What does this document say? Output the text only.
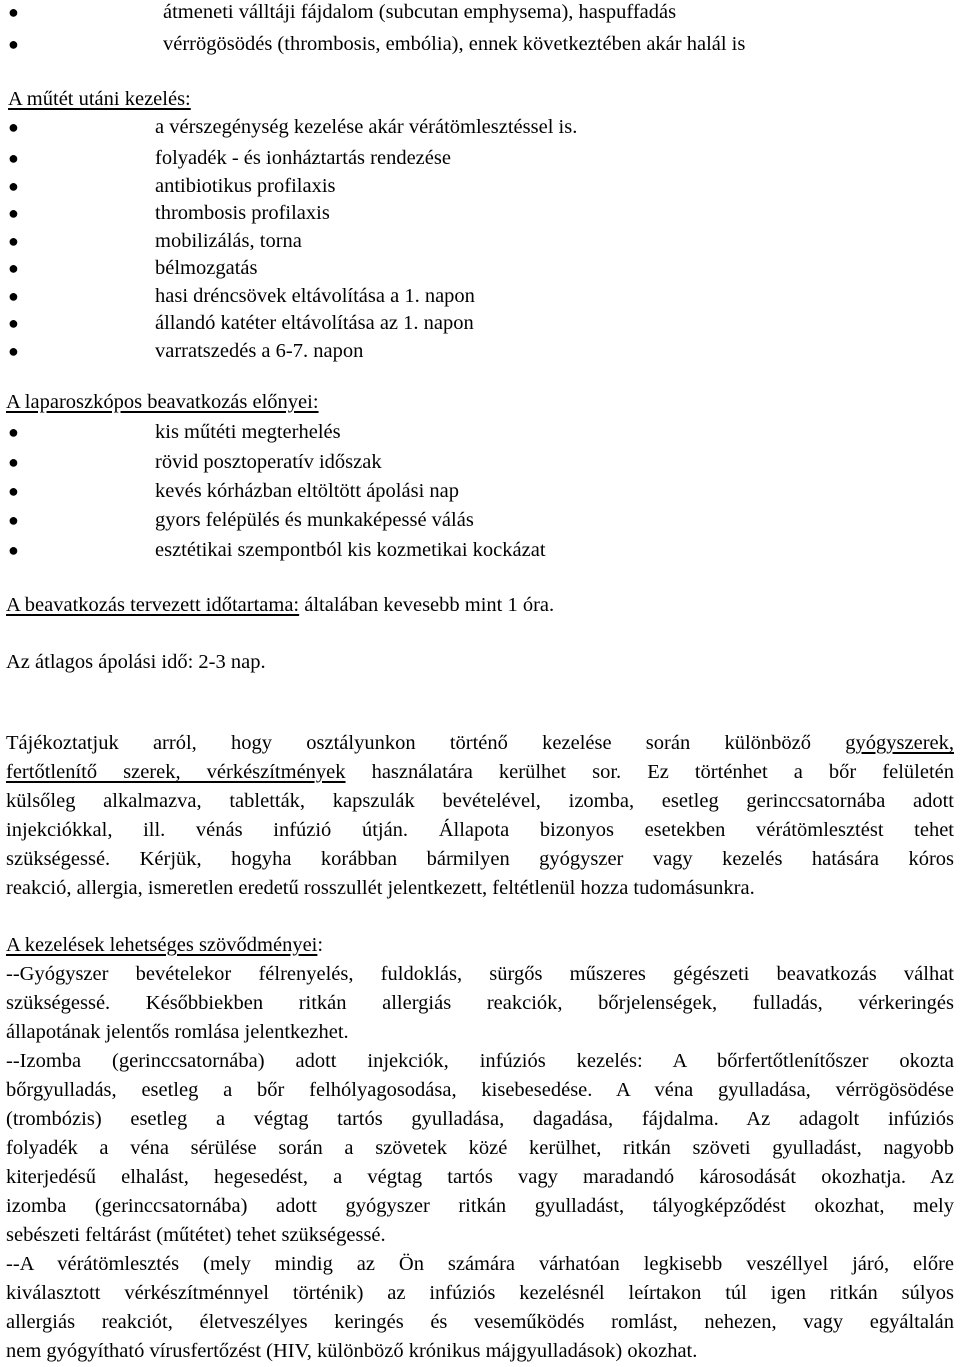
●	átmeneti válltáji fájdalom (subcutan emphysema), haspuffadás
●	vérrögösödés (thrombosis, embólia), ennek következtében akár halál is
A műtét utáni kezelés:
●	a vérszegénység kezelése akár vérátömlesztéssel is.
●	folyadék - és ionháztartás rendezése
●	antibiotikus profilaxis
●	thrombosis profilaxis
●	mobilizálás, torna
●	bélmozgatás
●	hasi dréncsövek eltávolítása a 1. napon
●	állandó katéter eltávolítása az 1. napon
●	varratszedés a 6-7. napon
A laparoszkópos beavatkozás előnyei:
●	kis műtéti megterhelés
●	rövid posztoperatív időszak
●	kevés kórházban eltöltött ápolási nap
●	gyors felépülés és munkaképessé válás
●	esztétikai szempontból kis kozmetikai kockázat
A beavatkozás tervezett időtartama: általában kevesebb mint 1 óra.
Az átlagos ápolási idő: 2-3 nap.
Tájékoztatjuk arról, hogy osztályunkon történő kezelése során különböző gyógyszerek,
fertőtlenítő szerek, vérkészítmények használatára kerülhet sor. Ez történhet a bőr felületén
külsőleg alkalmazva, tabletták, kapszulák bevételével, izomba, esetleg gerinccsatornába adott
injekciókkal, ill. vénás infúzió útján. Állapota bizonyos esetekben vérátömlesztést tehet
szükségessé. Kérjük, hogyha korábban bármilyen gyógyszer vagy kezelés hatására kóros
reakció, allergia, ismeretlen eredetű rosszullét jelentkezett, feltétlenül hozza tudomásunkra.
A kezelések lehetséges szövődményei:
--Gyógyszer bevételekor félrenyelés, fuldoklás, sürgős műszeres gégészeti beavatkozás válhat
szükségessé. Későbbiekben ritkán allergiás reakciók, bőrjelenségek, fulladás, vérkeringés
állapotának jelentős romlása jelentkezhet.
--Izomba (gerinccsatornába) adott injekciók, infúziós kezelés: A bőrfertőtlenítőszer okozta
bőrgyulladás, esetleg a bőr felhólyagosodása, kisebesedése. A véna gyulladása, vérrögösödése
(trombózis) esetleg a végtag tartós gyulladása, dagadása, fájdalma. Az adagolt infúziós
folyadék a véna sérülése során a szövetek közé kerülhet, ritkán szöveti gyulladást, nagyobb
kiterjedésű elhalást, hegesedést, a végtag tartós vagy maradandó károsodását okozhatja. Az
izomba (gerinccsatornába) adott gyógyszer ritkán gyulladást, tályogképződést okozhat, mely
sebészeti feltárást (műtétet) tehet szükségessé.
--A vérátömlesztés (mely mindig az Ön számára várhatóan legkisebb veszéllyel járó, előre
kiválasztott vérkészítménnyel történik) az infúziós kezelésnél leírtakon túl igen ritkán súlyos
allergiás reakciót, életveszélyes keringés és veseműködés romlást, nehezen, vagy egyáltalán
nem gyógyítható vírusfertőzést (HIV, különböző krónikus májgyulladások) okozhat.
